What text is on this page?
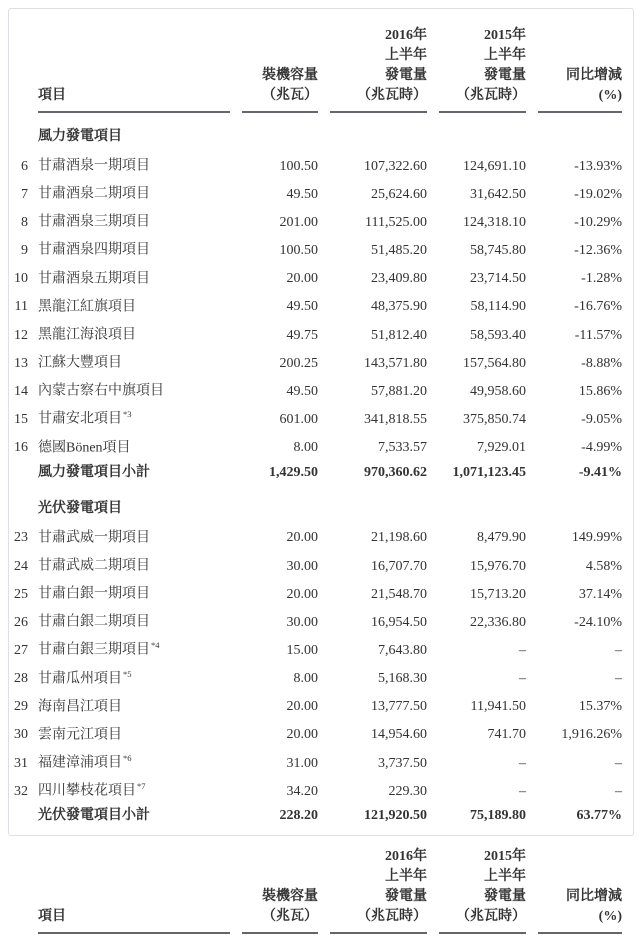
			2016年	2015年	
			上半年	上半年	
		裝機容量	發電量	發電量	同比增減
	項目	（兆瓦）	（兆瓦時）	（兆瓦時）	(%)

	風力發電項目				
6	甘肅酒泉一期項目	100.50	107,322.60	124,691.10	-13.93%
7	甘肅酒泉二期項目	49.50	25,624.60	31,642.50	-19.02%
8	甘肅酒泉三期項目	201.00	111,525.00	124,318.10	-10.29%
9	甘肅酒泉四期項目	100.50	51,485.20	58,745.80	-12.36%
10	甘肅酒泉五期項目	20.00	23,409.80	23,714.50	-1.28%
11	黑龍江紅旗項目	49.50	48,375.90	58,114.90	-16.76%
12	黑龍江海浪項目	49.75	51,812.40	58,593.40	-11.57%
13	江蘇大豐項目	200.25	143,571.80	157,564.80	-8.88%
14	內蒙古察右中旗項目	49.50	57,881.20	49,958.60	15.86%
15	甘肅安北項目$^{*3}$	601.00	341,818.55	375,850.74	-9.05%
16	德國Bönen項目	8.00	7,533.57	7,929.01	-4.99%
	風力發電項目小計	1,429.50	970,360.62	1,071,123.45	-9.41%
	光伏發電項目				
23	甘肅武威一期項目	20.00	21,198.60	8,479.90	149.99%
24	甘肅武威二期項目	30.00	16,707.70	15,976.70	4.58%
25	甘肅白銀一期項目	20.00	21,548.70	15,713.20	37.14%
26	甘肅白銀二期項目	30.00	16,954.50	22,336.80	-24.10%
27	甘肅白銀三期項目$^{*4}$	15.00	7,643.80	–	–
28	甘肅瓜州項目$^{*5}$	8.00	5,168.30	–	–
29	海南昌江項目	20.00	13,777.50	11,941.50	15.37%
30	雲南元江項目	20.00	14,954.60	741.70	1,916.26%
31	福建漳浦項目$^{*6}$	31.00	3,737.50	–	–
32	四川攀枝花項目$^{*7}$	34.20	229.30	–	–
	光伏發電項目小計	228.20	121,920.50	75,189.80	63.77%
			2016年	2015年	
			上半年	上半年	
		裝機容量	發電量	發電量	同比增減
	項目	（兆瓦）	（兆瓦時）	（兆瓦時）	(%)
